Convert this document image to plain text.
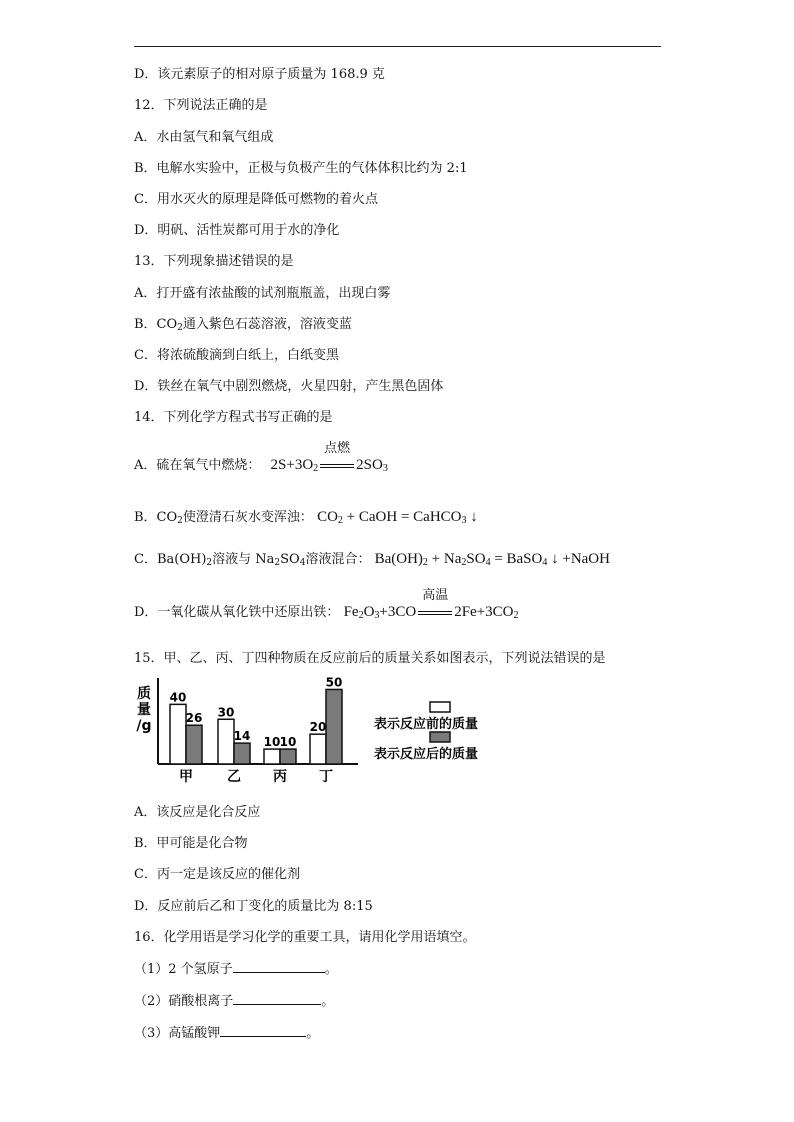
D．该元素原子的相对原子质量为 168.9 克
12．下列说法正确的是
A．水由氢气和氧气组成
B．电解水实验中，正极与负极产生的气体体积比约为 2:1
C．用水灭火的原理是降低可燃物的着火点
D．明矾、活性炭都可用于水的净化
13．下列现象描述错误的是
A．打开盛有浓盐酸的试剂瓶瓶盖，出现白雾
B．$CO_2$通入紫色石蕊溶液，溶液变蓝
C．将浓硫酸滴到白纸上，白纸变黑
D．铁丝在氧气中剧烈燃烧，火星四射，产生黑色固体
14．下列化学方程式书写正确的是
A．硫在氧气中燃烧： $2S+3O_2$
点燃
$2SO_3$
B．$CO_2$使澄清石灰水变浑浊： $CO_2$ + CaOH = CaHCO$_3$ ↓
C．$Ba(OH)_2$溶液与 $Na_2SO_4$溶液混合： $Ba(OH)_2 + Na_2SO_4$ = BaSO$_4$ ↓ +NaOH
D．一氧化碳从氧化铁中还原出铁： $Fe_2O_3+3CO$
高温
$2Fe+3CO_2$
15．甲、乙、丙、丁四种物质在反应前后的质量关系如图表示，下列说法错误的是
质
量
/g
40
26
甲
30
14
乙
10 10
丙
20
50
丁
表示反应前的质量
表示反应后的质量
A．该反应是化合反应
B．甲可能是化合物
C．丙一定是该反应的催化剂
D．反应前后乙和丁变化的质量比为 8:15
16．化学用语是学习化学的重要工具，请用化学用语填空。
（1）2 个氢原子	。
（2）硝酸根离子	。
（3）高锰酸钾	。
